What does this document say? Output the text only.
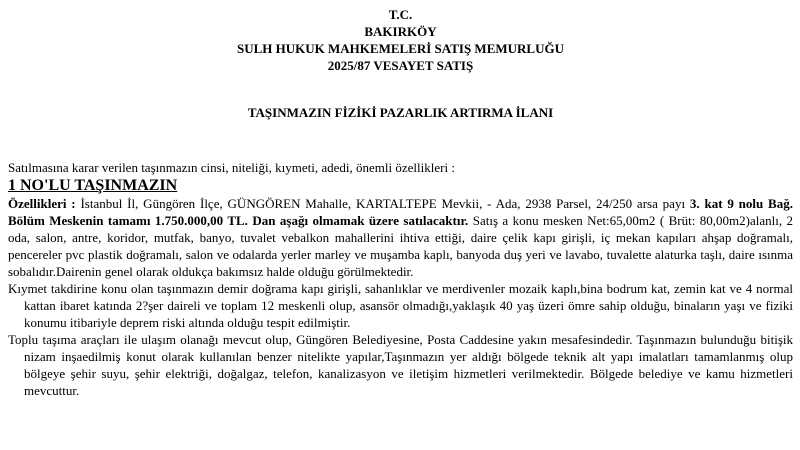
T.C.
BAKIRKÖY
SULH HUKUK MAHKEMELERİ SATIŞ MEMURLUĞU
2025/87 VESAYET SATIŞ
TAŞINMAZIN FİZİKİ PAZARLIK ARTIRMA İLANI
Satılmasına karar verilen taşınmazın cinsi, niteliği, kıymeti, adedi, önemli özellikleri :
1 NO'LU TAŞINMAZIN

Özellikleri : İstanbul İl, Güngören İlçe, GÜNGÖREN Mahalle, KARTALTEPE Mevkii, - Ada, 2938 Parsel, 24/250 arsa payı 3. kat 9 nolu Bağ. Bölüm Meskenin tamamı 1.750.000,00 TL. Dan aşağı olmamak üzere satılacaktır. Satış a konu mesken Net:65,00m2 ( Brüt: 80,00m2)alanlı, 2 oda, salon, antre, koridor, mutfak, banyo, tuvalet vebalkon mahallerini ihtiva ettiği, daire çelik kapı girişli, iç mekan kapıları ahşap doğramalı, pencereler pvc plastik doğramalı, salon ve odalarda yerler marley ve muşamba kaplı, banyoda duş yeri ve lavabo, tuvalette alaturka taşlı, daire ısınma sobalıdır.Dairenin genel olarak oldukça bakımsız halde olduğu görülmektedir.

Kıymet takdirine konu olan taşınmazın demir doğrama kapı girişli, sahanlıklar ve merdivenler mozaik kaplı,bina bodrum kat, zemin kat ve 4 normal kattan ibaret katında 2?şer daireli ve toplam 12 meskenli olup, asansör olmadığı,yaklaşık 40 yaş üzeri ömre sahip olduğu, binaların yaşı ve fiziki konumu itibariyle deprem riski altında olduğu tespit edilmiştir.

Toplu taşıma araçları ile ulaşım olanağı mevcut olup, Güngören Belediyesine, Posta Caddesine yakın mesafesindedir. Taşınmazın bulunduğu bitişik nizam inşaedilmiş konut olarak kullanılan benzer nitelikte yapılar,Taşınmazın yer aldığı bölgede teknik alt yapı imalatları tamamlanmış olup bölgeye şehir suyu, şehir elektriği, doğalgaz, telefon, kanalizasyon ve iletişim hizmetleri verilmektedir. Bölgede belediye ve kamu hizmetleri mevcuttur.
